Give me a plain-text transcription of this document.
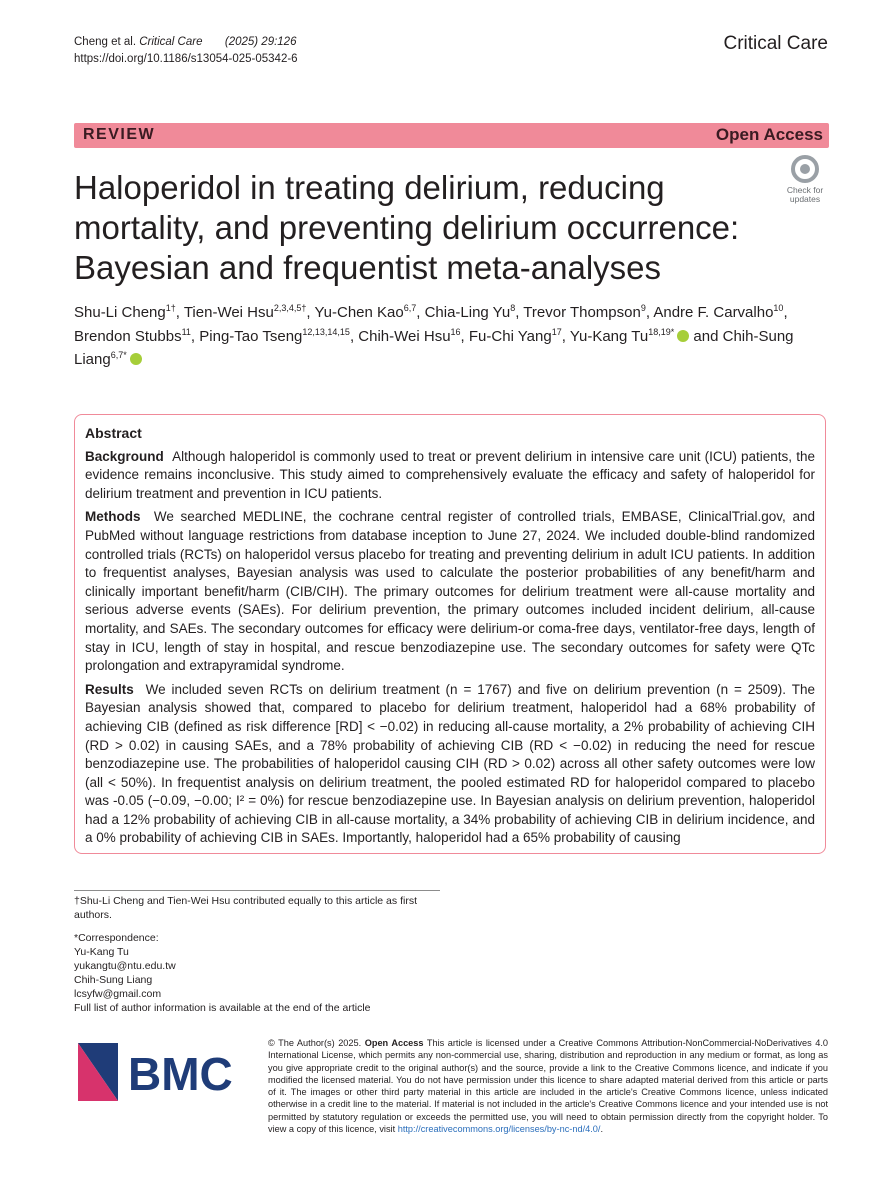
Cheng et al. Critical Care (2025) 29:126
https://doi.org/10.1186/s13054-025-05342-6
Critical Care
REVIEW	Open Access
Haloperidol in treating delirium, reducing mortality, and preventing delirium occurrence: Bayesian and frequentist meta-analyses
Check for
updates
Shu-Li Cheng$^{1\dagger}$, Tien-Wei Hsu$^{2,3,4,5\dagger}$, Yu-Chen Kao$^{6,7}$, Chia-Ling Yu$^8$, Trevor Thompson$^9$, Andre F. Carvalho$^{10}$, Brendon Stubbs$^{11}$, Ping-Tao Tseng$^{12,13,14,15}$, Chih-Wei Hsu$^{16}$, Fu-Chi Yang$^{17}$, Yu-Kang $Tu^{18,19*}$ and Chih-Sung Liang$^{6,7*}$
Abstract

Background Although haloperidol is commonly used to treat or prevent delirium in intensive care unit (ICU) patients, the evidence remains inconclusive. This study aimed to comprehensively evaluate the efficacy and safety of haloperidol for delirium treatment and prevention in ICU patients.

Methods We searched MEDLINE, the cochrane central register of controlled trials, EMBASE, ClinicalTrial.gov, and PubMed without language restrictions from database inception to June 27, 2024. We included double-blind randomized controlled trials (RCTs) on haloperidol versus placebo for treating and preventing delirium in adult ICU patients. In addition to frequentist analyses, Bayesian analysis was used to calculate the posterior probabilities of any benefit/harm and clinically important benefit/harm (CIB/CIH). The primary outcomes for delirium treatment were all-cause mortality and serious adverse events (SAEs). For delirium prevention, the primary outcomes included incident delirium, all-cause mortality, and SAEs. The secondary outcomes for efficacy were delirium-or coma-free days, ventilator-free days, length of stay in ICU, length of stay in hospital, and rescue benzodiazepine use. The secondary outcomes for safety were QTc prolongation and extrapyramidal syndrome.

Results We included seven RCTs on delirium treatment (n = 1767) and five on delirium prevention (n = 2509). The Bayesian analysis showed that, compared to placebo for delirium treatment, haloperidol had a 68% probability of achieving CIB (defined as risk difference [RD] < −0.02) in reducing all-cause mortality, a 2% probability of achieving CIH (RD > 0.02) in causing SAEs, and a 78% probability of achieving CIB (RD < −0.02) in reducing the need for rescue benzodiazepine use. The probabilities of haloperidol causing CIH (RD > 0.02) across all other safety outcomes were low (all < 50%). In frequentist analysis on delirium treatment, the pooled estimated RD for haloperidol compared to placebo was -0.05 (−0.09, −0.00; I² = 0%) for rescue benzodiazepine use. In Bayesian analysis on delirium prevention, haloperidol had a 12% probability of achieving CIB in all-cause mortality, a 34% probability of achieving CIB in delirium incidence, and a 0% probability of achieving CIB in SAEs. Importantly, haloperidol had a 65% probability of causing

†Shu-Li Cheng and Tien-Wei Hsu contributed equally to this article as first authors.
*Correspondence:
Yu-Kang Tu
yukangtu@ntu.edu.tw
Chih-Sung Liang
lcsyfw@gmail.com
Full list of author information is available at the end of the article
BMC
© The Author(s) 2025. Open Access This article is licensed under a Creative Commons Attribution-NonCommercial-NoDerivatives 4.0 International License, which permits any non-commercial use, sharing, distribution and reproduction in any medium or format, as long as you give appropriate credit to the original author(s) and the source, provide a link to the Creative Commons licence, and indicate if you modified the licensed material. You do not have permission under this licence to share adapted material derived from this article or parts of it. The images or other third party material in this article are included in the article's Creative Commons licence, unless indicated otherwise in a credit line to the material. If material is not included in the article's Creative Commons licence and your intended use is not permitted by statutory regulation or exceeds the permitted use, you will need to obtain permission directly from the copyright holder. To view a copy of this licence, visit http://creativecommons.org/licenses/by-nc-nd/4.0/.
